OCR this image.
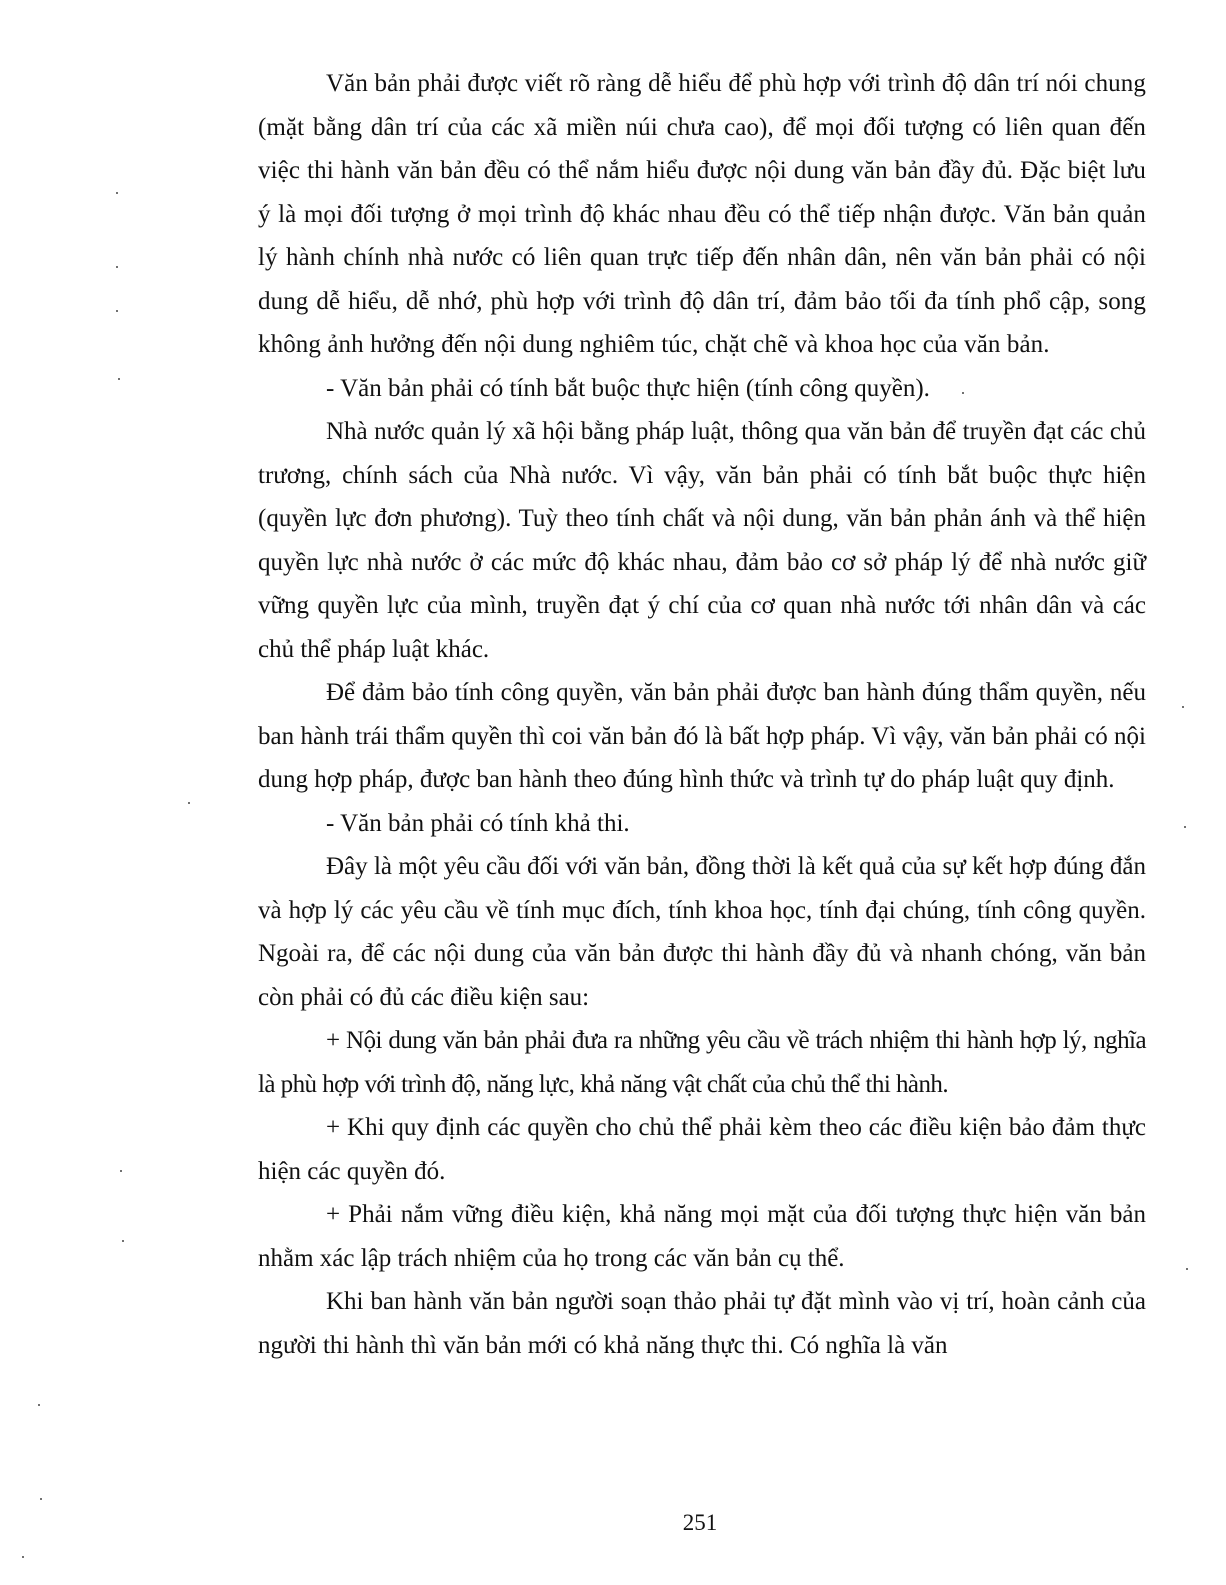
Văn bản phải được viết rõ ràng dễ hiểu để phù hợp với trình độ dân trí nói chung (mặt bằng dân trí của các xã miền núi chưa cao), để mọi đối tượng có liên quan đến việc thi hành văn bản đều có thể nắm hiểu được nội dung văn bản đầy đủ. Đặc biệt lưu ý là mọi đối tượng ở mọi trình độ khác nhau đều có thể tiếp nhận được. Văn bản quản lý hành chính nhà nước có liên quan trực tiếp đến nhân dân, nên văn bản phải có nội dung dễ hiểu, dễ nhớ, phù hợp với trình độ dân trí, đảm bảo tối đa tính phổ cập, song không ảnh hưởng đến nội dung nghiêm túc, chặt chẽ và khoa học của văn bản.

- Văn bản phải có tính bắt buộc thực hiện (tính công quyền).

Nhà nước quản lý xã hội bằng pháp luật, thông qua văn bản để truyền đạt các chủ trương, chính sách của Nhà nước. Vì vậy, văn bản phải có tính bắt buộc thực hiện (quyền lực đơn phương). Tuỳ theo tính chất và nội dung, văn bản phản ánh và thể hiện quyền lực nhà nước ở các mức độ khác nhau, đảm bảo cơ sở pháp lý để nhà nước giữ vững quyền lực của mình, truyền đạt ý chí của cơ quan nhà nước tới nhân dân và các chủ thể pháp luật khác.

Để đảm bảo tính công quyền, văn bản phải được ban hành đúng thẩm quyền, nếu ban hành trái thẩm quyền thì coi văn bản đó là bất hợp pháp. Vì vậy, văn bản phải có nội dung hợp pháp, được ban hành theo đúng hình thức và trình tự do pháp luật quy định.

- Văn bản phải có tính khả thi.

Đây là một yêu cầu đối với văn bản, đồng thời là kết quả của sự kết hợp đúng đắn và hợp lý các yêu cầu về tính mục đích, tính khoa học, tính đại chúng, tính công quyền. Ngoài ra, để các nội dung của văn bản được thi hành đầy đủ và nhanh chóng, văn bản còn phải có đủ các điều kiện sau:

+ Nội dung văn bản phải đưa ra những yêu cầu về trách nhiệm thi hành hợp lý, nghĩa là phù hợp với trình độ, năng lực, khả năng vật chất của chủ thể thi hành.

+ Khi quy định các quyền cho chủ thể phải kèm theo các điều kiện bảo đảm thực hiện các quyền đó.

+ Phải nắm vững điều kiện, khả năng mọi mặt của đối tượng thực hiện văn bản nhằm xác lập trách nhiệm của họ trong các văn bản cụ thể.

Khi ban hành văn bản người soạn thảo phải tự đặt mình vào vị trí, hoàn cảnh của người thi hành thì văn bản mới có khả năng thực thi. Có nghĩa là văn

251
